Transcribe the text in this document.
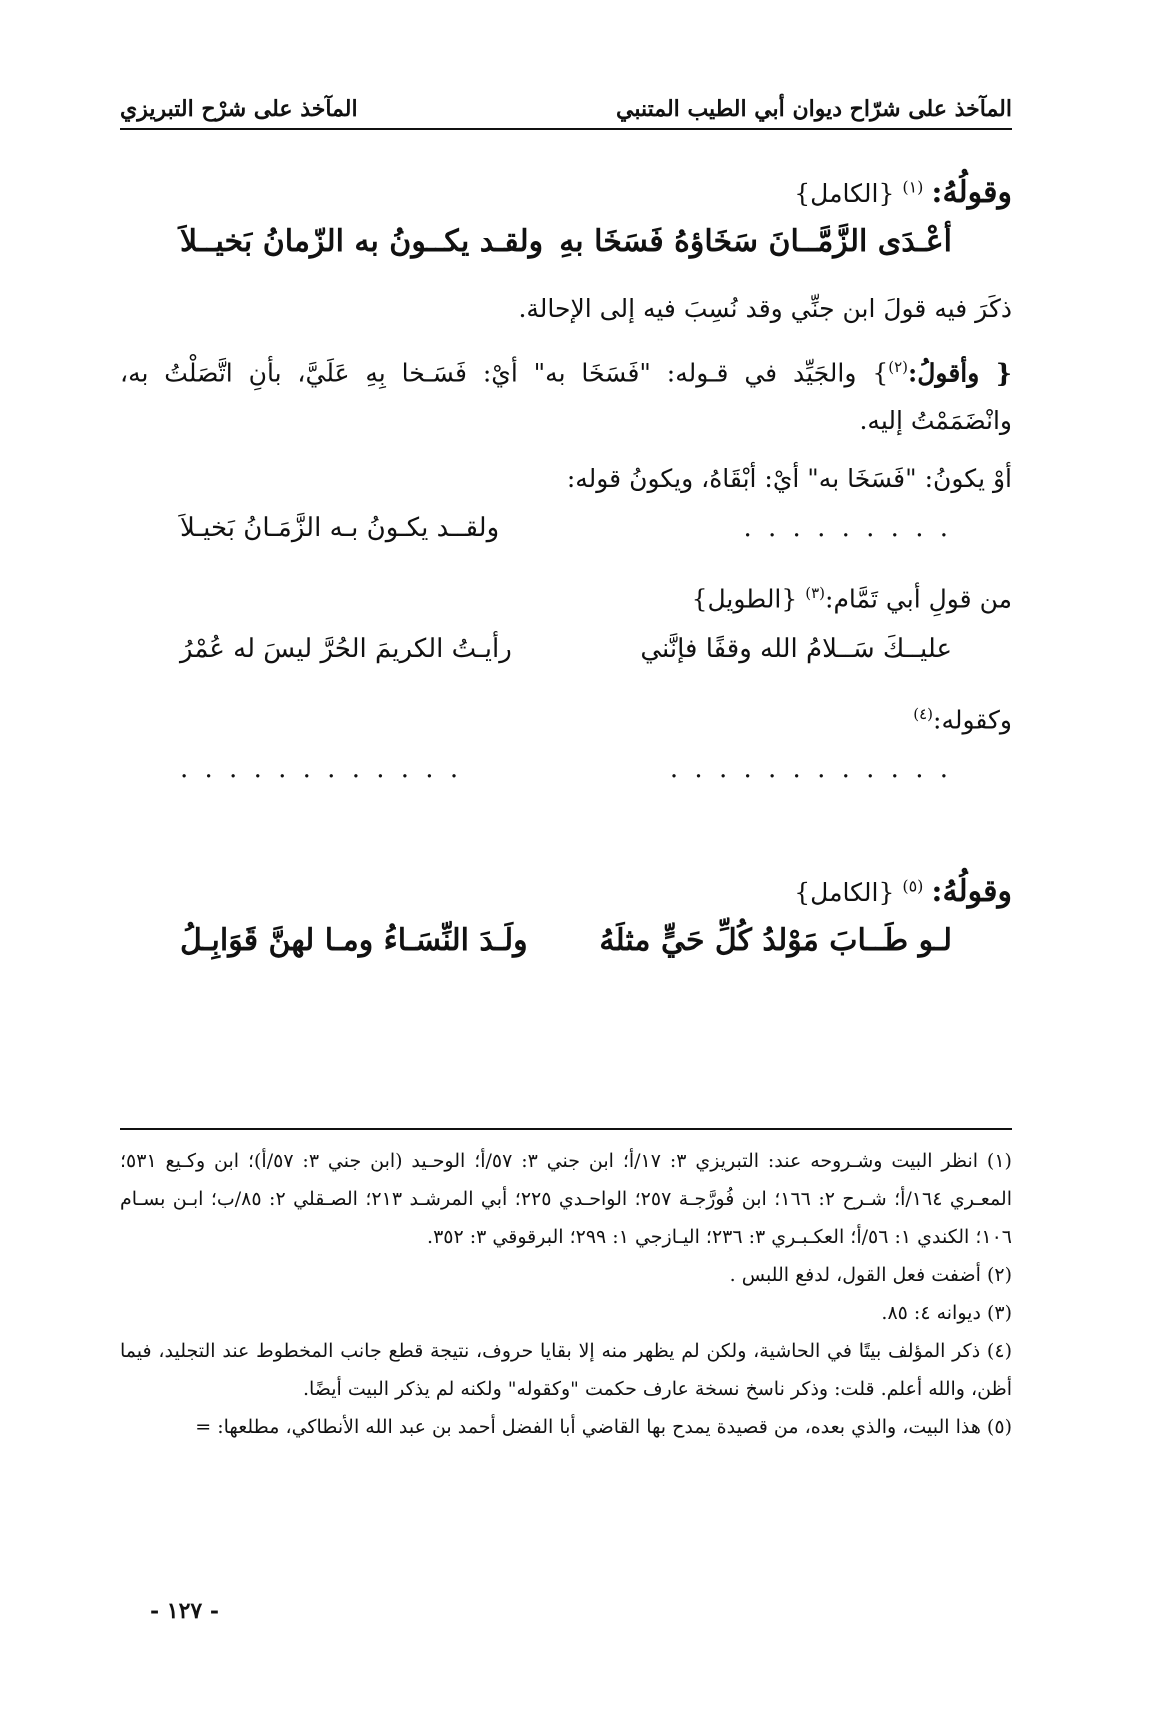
المآخذ على شرّاح ديوان أبي الطيب المتنبي
المآخذ على شرْح التبريزي

وقولُهُ: $^{(١)}$ {الكامل}

أعْـدَى الزَّمَّــانَ سَخَاؤهُ فَسَخَا بهِ
ولقـد يكــونُ به الزّمانُ بَخيــلاَ

ذكَرَ فيه قولَ ابن جنِّي وقد نُسِبَ فيه إلى الإحالة.

{ وأقولُ:$^{(٢)}$} والجَيِّد في قـوله: "فَسَخَا به" أيْ: فَسَـخا بِهِ عَلَيَّ، بأنِ اتَّصَلْتُ به، وانْضَمَمْتُ إليه.

أوْ يكونُ: "فَسَخَا به" أيْ: أبْقَاهُ، ويكونُ قوله:

. . . . . . . . .
ولقــد يكـونُ بـه الزَّمَـانُ بَخيـلاَ

من قولِ أبي تَمَّام:$^{(٣)}$ {الطويل}

عليــكَ سَــلامُ الله وقفًا فإنَّني
رأيـتُ الكريمَ الحُرَّ ليسَ له عُمْرُ

وكقوله:$^{(٤)}$

. . . . . . . . . . . .
. . . . . . . . . . . .

وقولُهُ: $^{(٥)}$ {الكامل}

لـو طَــابَ مَوْلدُ كُلِّ حَيٍّ مثلَهُ
ولَـدَ النِّسَـاءُ ومـا لهنَّ قَوَابِـلُ

(١) انظر البيت وشـروحه عند: التبريزي ٣: ١٧/أ؛ ابن جني ٣: ٥٧/أ؛ الوحـيد (ابن جني ٣: ٥٧/أ)؛ ابن وكـيع ٥٣١؛ المعـري ١٦٤/أ؛ شـرح ٢: ١٦٦؛ ابن فُورَّجـة ٢٥٧؛ الواحـدي ٢٢٥؛ أبي المرشـد ٢١٣؛ الصـقلي ٢: ٨٥/ب؛ ابـن بسـام ١٠٦؛ الكندي ١: ٥٦/أ؛ العكـبـري ٣: ٢٣٦؛ اليـازجي ١: ٢٩٩؛ البرقوقي ٣: ٣٥٢.

(٢) أضفت فعل القول، لدفع اللبس .

(٣) ديوانه ٤: ٨٥.

(٤) ذكر المؤلف بيتًا في الحاشية، ولكن لم يظهر منه إلا بقايا حروف، نتيجة قطع جانب المخطوط عند التجليد، فيما أظن، والله أعلم. قلت: وذكر ناسخ نسخة عارف حكمت "وكقوله" ولكنه لم يذكر البيت أيضًا.

(٥) هذا البيت، والذي بعده، من قصيدة يمدح بها القاضي أبا الفضل أحمد بن عبد الله الأنطاكي، مطلعها: =

- ١٢٧ -
